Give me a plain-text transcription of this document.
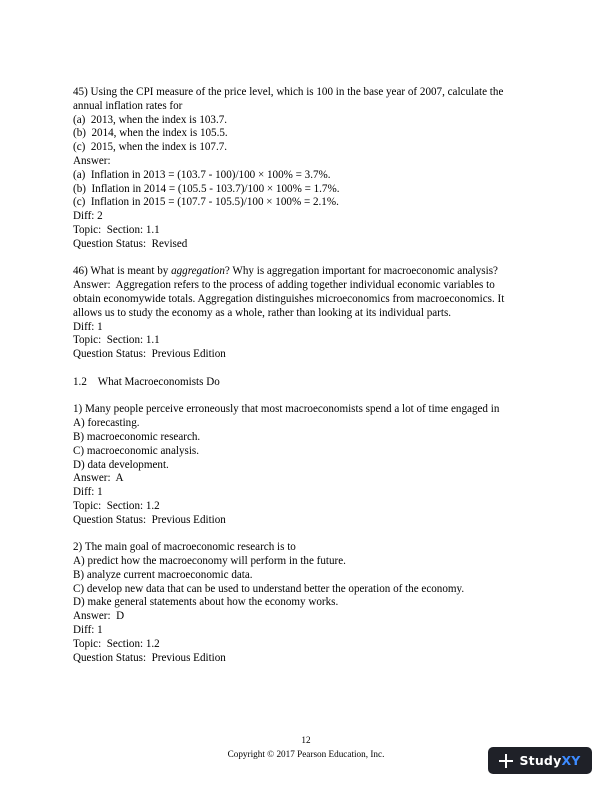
45) Using the CPI measure of the price level, which is 100 in the base year of 2007, calculate the
annual inflation rates for
(a)  2013, when the index is 103.7.
(b)  2014, when the index is 105.5.
(c)  2015, when the index is 107.7.
Answer:
(a)  Inflation in 2013 = (103.7 - 100)/100 × 100% = 3.7%.
(b)  Inflation in 2014 = (105.5 - 103.7)/100 × 100% = 1.7%.
(c)  Inflation in 2015 = (107.7 - 105.5)/100 × 100% = 2.1%.
Diff: 2
Topic:  Section: 1.1
Question Status:  Revised
46) What is meant by aggregation? Why is aggregation important for macroeconomic analysis?
Answer:  Aggregation refers to the process of adding together individual economic variables to
obtain economywide totals. Aggregation distinguishes microeconomics from macroeconomics. It
allows us to study the economy as a whole, rather than looking at its individual parts.
Diff: 1
Topic:  Section: 1.1
Question Status:  Previous Edition
1.2    What Macroeconomists Do
1) Many people perceive erroneously that most macroeconomists spend a lot of time engaged in
A) forecasting.
B) macroeconomic research.
C) macroeconomic analysis.
D) data development.
Answer:  A
Diff: 1
Topic:  Section: 1.2
Question Status:  Previous Edition
2) The main goal of macroeconomic research is to
A) predict how the macroeconomy will perform in the future.
B) analyze current macroeconomic data.
C) develop new data that can be used to understand better the operation of the economy.
D) make general statements about how the economy works.
Answer:  D
Diff: 1
Topic:  Section: 1.2
Question Status:  Previous Edition
12
Copyright © 2017 Pearson Education, Inc.	Study XY
